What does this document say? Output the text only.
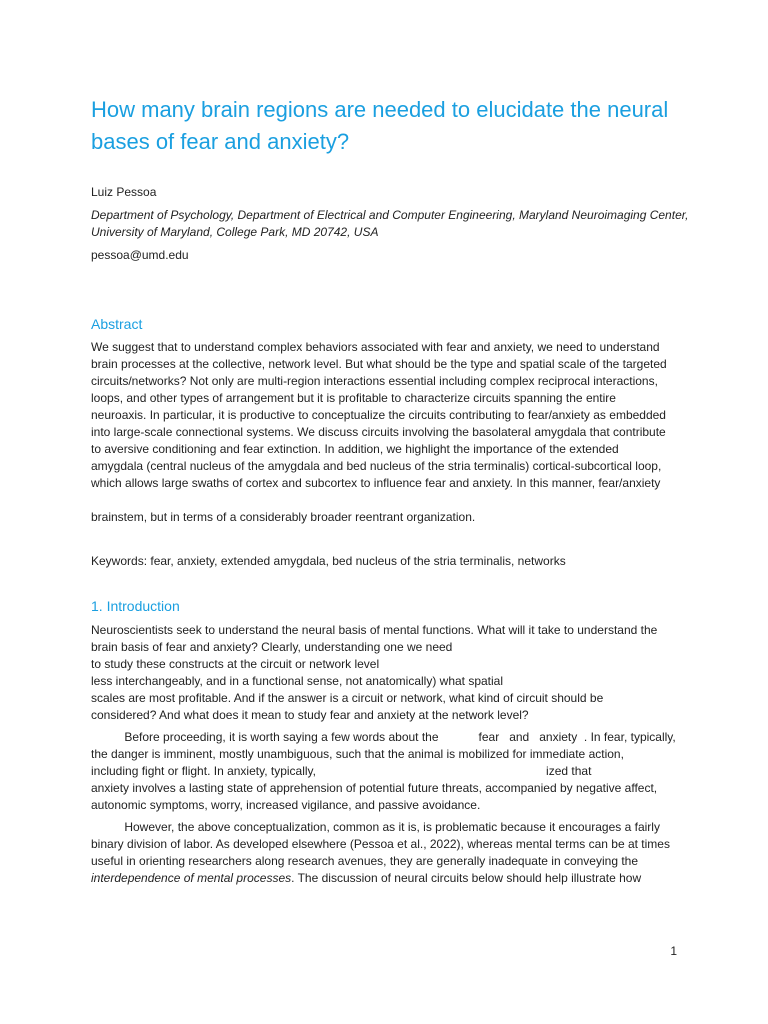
How many brain regions are needed to elucidate the neural bases of fear and anxiety?
Luiz Pessoa
Department of Psychology, Department of Electrical and Computer Engineering, Maryland Neuroimaging Center, University of Maryland, College Park, MD 20742, USA
pessoa@umd.edu
Abstract
We suggest that to understand complex behaviors associated with fear and anxiety, we need to understand
brain processes at the collective, network level. But what should be the type and spatial scale of the targeted
circuits/networks? Not only are multi-region interactions essential including complex reciprocal interactions,
loops, and other types of arrangement but it is profitable to characterize circuits spanning the entire
neuroaxis. In particular, it is productive to conceptualize the circuits contributing to fear/anxiety as embedded
into large-scale connectional systems. We discuss circuits involving the basolateral amygdala that contribute
to aversive conditioning and fear extinction. In addition, we highlight the importance of the extended
amygdala (central nucleus of the amygdala and bed nucleus of the stria terminalis) cortical-subcortical loop,
which allows large swaths of cortex and subcortex to influence fear and anxiety. In this manner, fear/anxiety
brainstem, but in terms of a considerably broader reentrant organization.
Keywords: fear, anxiety, extended amygdala, bed nucleus of the stria terminalis, networks
1. Introduction
Neuroscientists seek to understand the neural basis of mental functions. What will it take to understand the
brain basis of fear and anxiety? Clearly, understanding one we need
to study these constructs at the circuit or network level
less interchangeably, and in a functional sense, not anatomically) what spatial
scales are most profitable. And if the answer is a circuit or network, what kind of circuit should be
considered? And what does it mean to study fear and anxiety at the network level?
Before proceeding, it is worth saying a few words about the            fear   and   anxiety  . In fear, typically,
the danger is imminent, mostly unambiguous, such that the animal is mobilized for immediate action,
including fight or flight. In anxiety, typically,                                                                     ized that
anxiety involves a lasting state of apprehension of potential future threats, accompanied by negative affect,
autonomic symptoms, worry, increased vigilance, and passive avoidance.
However, the above conceptualization, common as it is, is problematic because it encourages a fairly
binary division of labor. As developed elsewhere (Pessoa et al., 2022), whereas mental terms can be at times
useful in orienting researchers along research avenues, they are generally inadequate in conveying the
interdependence of mental processes. The discussion of neural circuits below should help illustrate how
1
